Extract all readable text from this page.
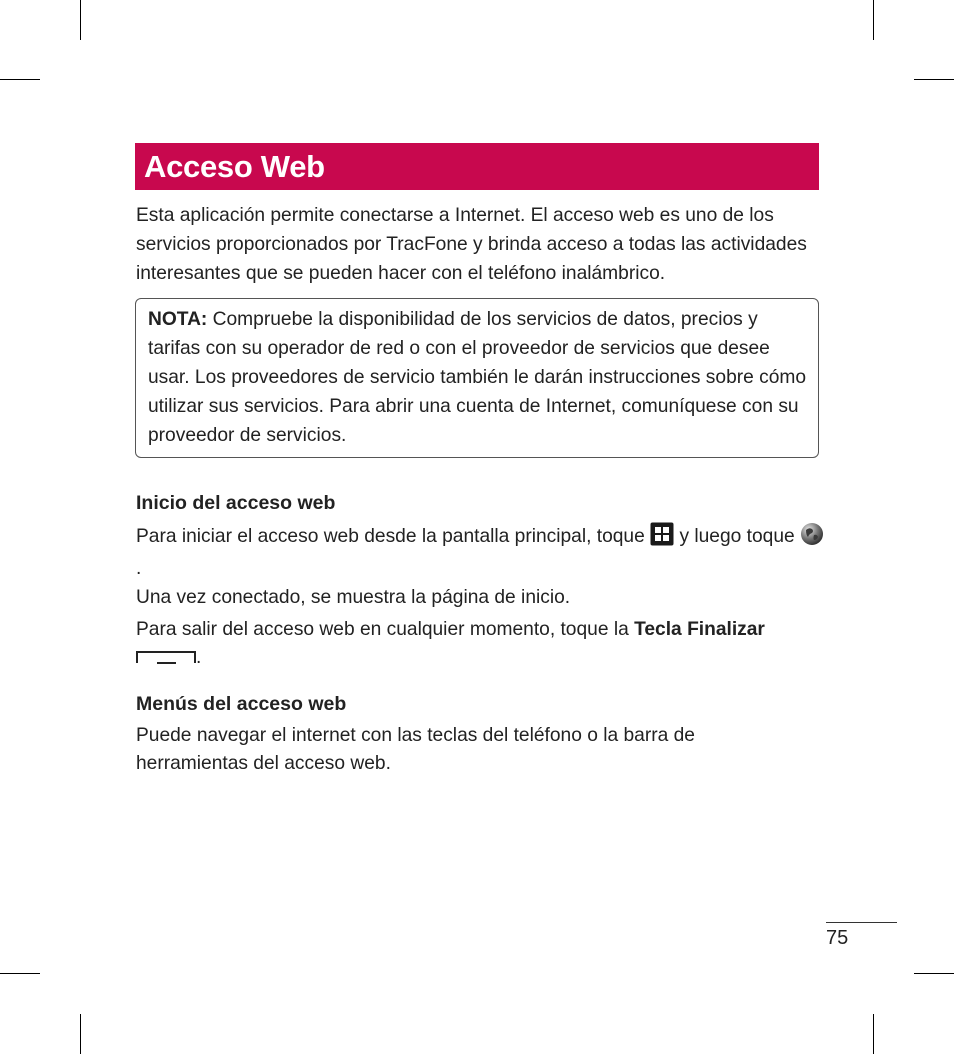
Acceso Web

Esta aplicación permite conectarse a Internet. El acceso web es uno de los servicios proporcionados por TracFone y brinda acceso a todas las actividades interesantes que se pueden hacer con el teléfono inalámbrico.

NOTA: Compruebe la disponibilidad de los servicios de datos, precios y tarifas con su operador de red o con el proveedor de servicios que desee usar. Los proveedores de servicio también le darán instrucciones sobre cómo utilizar sus servicios. Para abrir una cuenta de Internet, comuníquese con su proveedor de servicios.
Inicio del acceso web

Para iniciar el acceso web desde la pantalla principal, toque  y luego toque .

Una vez conectado, se muestra la página de inicio.

Para salir del acceso web en cualquier momento, toque la Tecla Finalizar
.

Menús del acceso web

Puede navegar el internet con las teclas del teléfono o la barra de herramientas del acceso web.

75
